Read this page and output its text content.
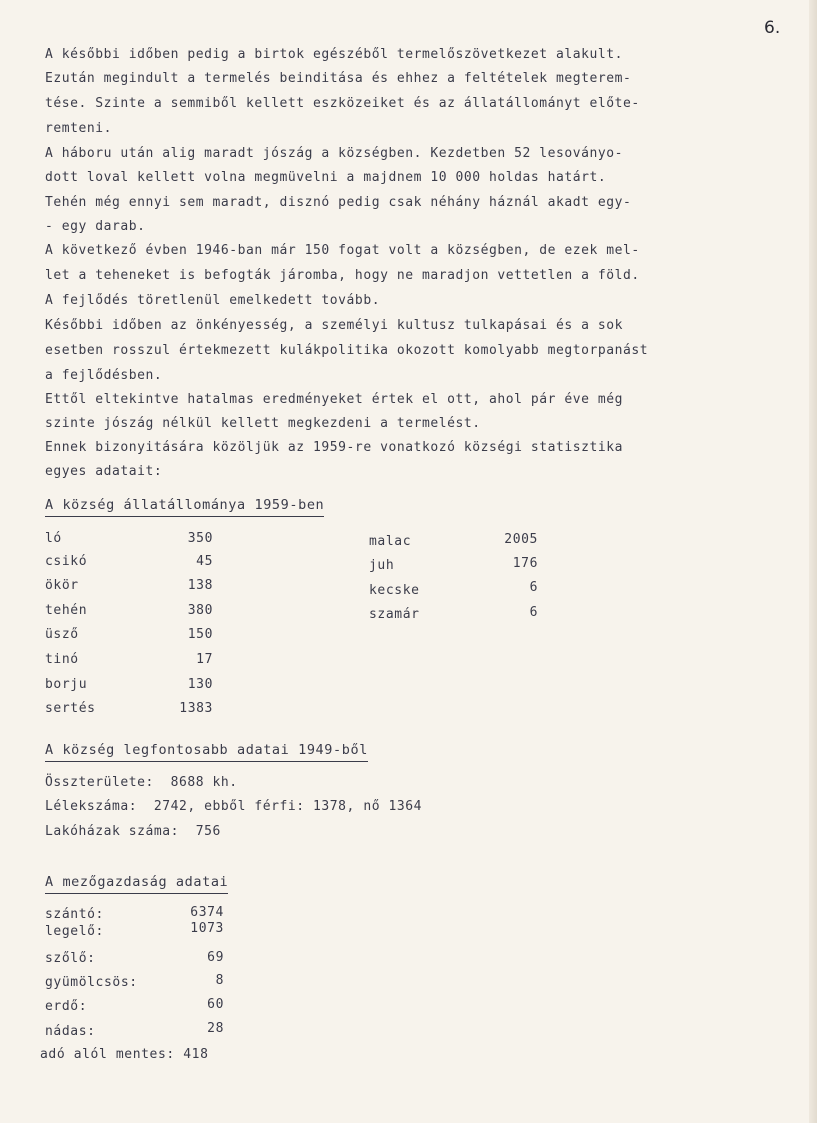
6.
A későbbi időben pedig a birtok egészéből termelőszövetkezet alakult.
Ezután megindult a termelés beinditása és ehhez a feltételek megterem-
tése. Szinte a semmiből kellett eszközeiket és az állatállományt előte-
remteni.
A háboru után alig maradt jószág a községben. Kezdetben 52 lesoványo-
dott loval kellett volna megmüvelni a majdnem 10 000 holdas határt.
Tehén még ennyi sem maradt, disznó pedig csak néhány háznál akadt egy-
- egy darab.
A következő évben 1946-ban már 150 fogat volt a községben, de ezek mel-
let a teheneket is befogták járomba, hogy ne maradjon vettetlen a föld.
A fejlődés töretlenül emelkedett tovább.
Későbbi időben az önkényesség, a személyi kultusz tulkapásai és a sok
esetben rosszul értekmezett kulákpolitika okozott komolyabb megtorpanást
a fejlődésben.
Ettől eltekintve hatalmas eredményeket értek el ott, ahol pár éve még
szinte jószág nélkül kellett megkezdeni a termelést.
Ennek bizonyitására közöljük az 1959-re vonatkozó községi statisztika
egyes adatait:
A község állatállománya 1959-ben
ló	350
csikó	45
ökör	138
tehén	380
üsző	150
tinó	17
borju	130
sertés	1383
malac	2005
juh	176
kecske	6
szamár	6
A község legfontosabb adatai 1949-ből
Összterülete:  8688 kh.
Lélekszáma:  2742, ebből férfi: 1378, nő 1364
Lakóházak száma:  756
A mezőgazdaság adatai
szántó:	6374
legelő:	1073
szőlő:	69
gyümölcsös:	8
erdő:	60
nádas:	28
adó alól mentes: 418
